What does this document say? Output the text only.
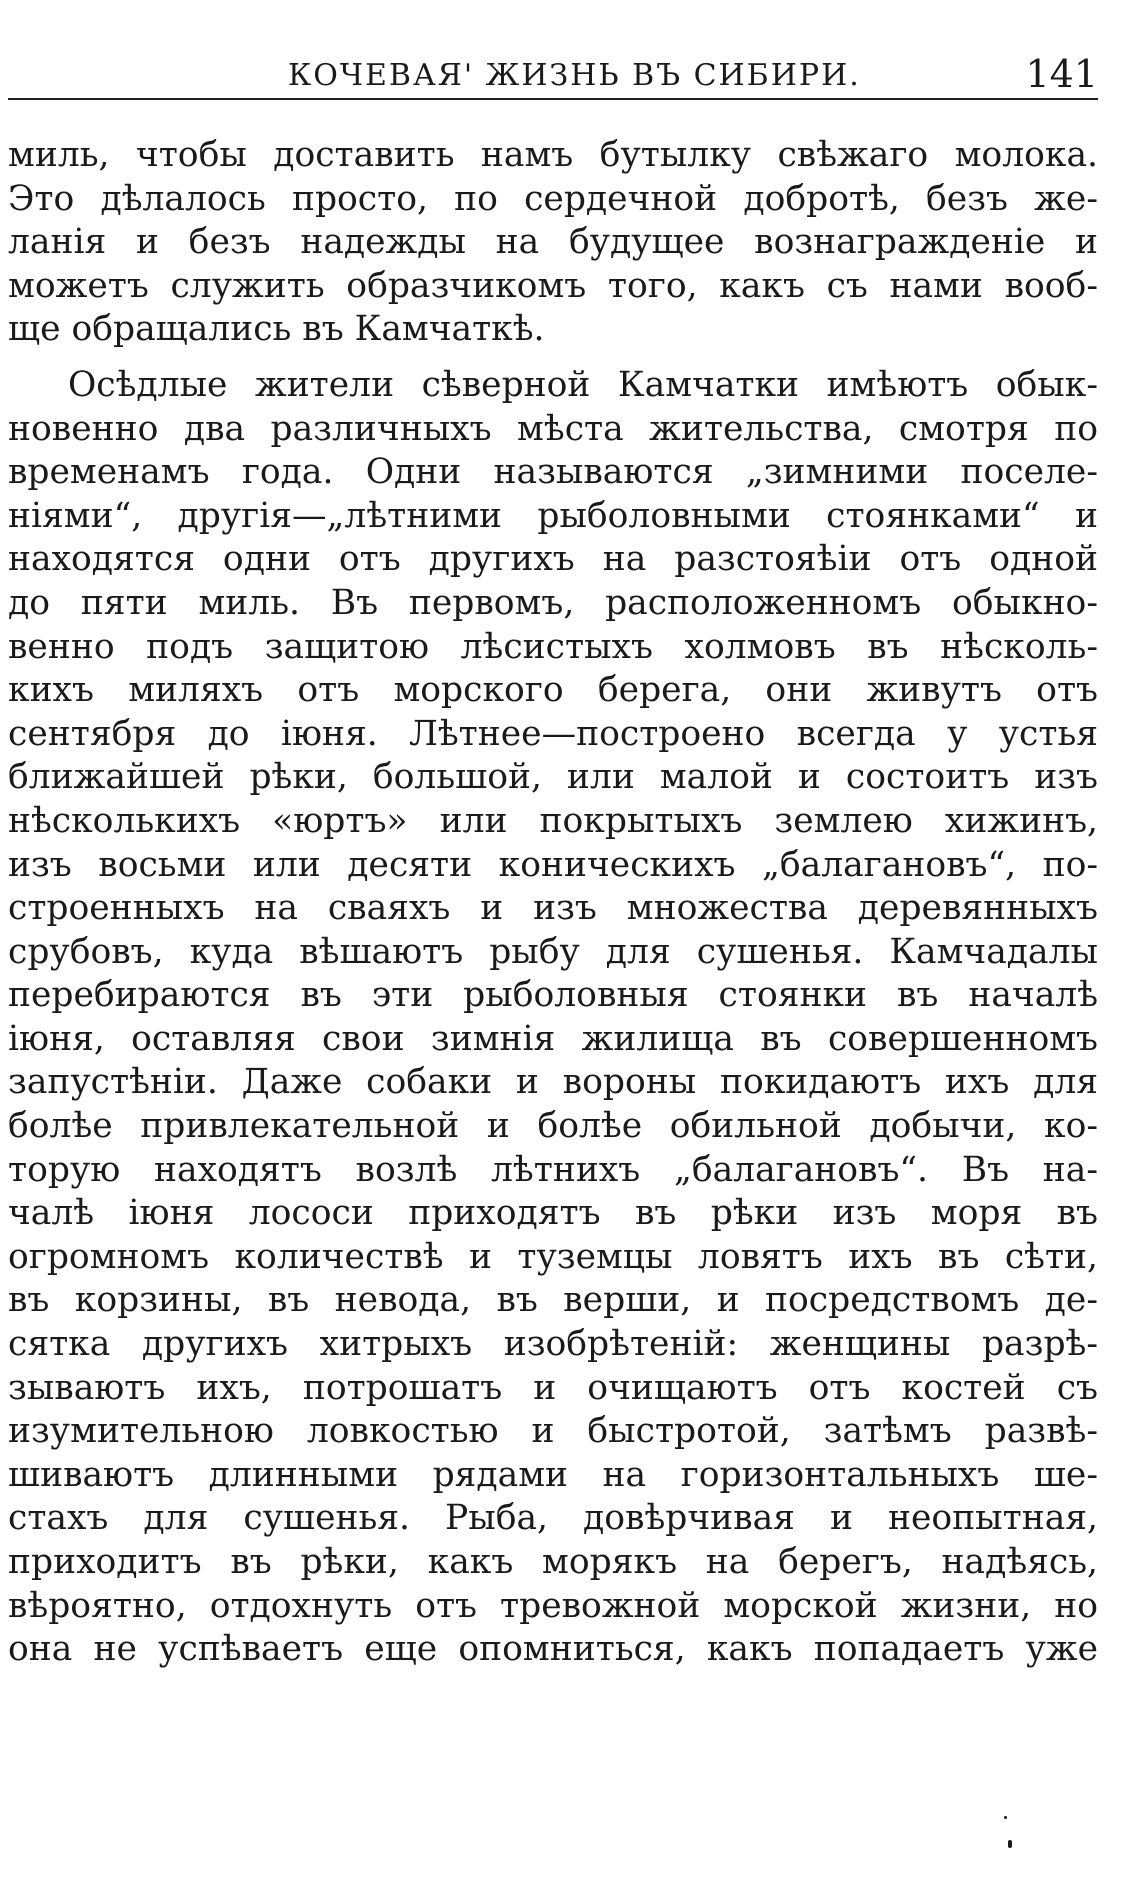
КОЧЕВАЯ' ЖИЗНЬ ВЪ СИБИРИ.	141
миль, чтобы доставить намъ бутылку свѣжаго молока.
Это дѣлалось просто, по сердечной добротѣ, безъ же-
ланія и безъ надежды на будущее вознагражденіе и
можетъ служить образчикомъ того, какъ съ нами вооб-
ще обращались въ Камчаткѣ.
Осѣдлые жители сѣверной Камчатки имѣютъ обык-
новенно два различныхъ мѣста жительства, смотря по
временамъ года. Одни называются „зимними поселе-
ніями“, другія—„лѣтними рыболовными стоянками“ и
находятся одни отъ другихъ на разстояѣіи отъ одной
до пяти миль. Въ первомъ, расположенномъ обыкно-
венно подъ защитою лѣсистыхъ холмовъ въ нѣсколь-
кихъ миляхъ отъ морского берега, они живутъ отъ
сентября до іюня. Лѣтнее—построено всегда у устья
ближайшей рѣки, большой, или малой и состоитъ изъ
нѣсколькихъ «юртъ» или покрытыхъ землею хижинъ,
изъ восьми или десяти коническихъ „балагановъ“, по-
строенныхъ на сваяхъ и изъ множества деревянныхъ
срубовъ, куда вѣшаютъ рыбу для сушенья. Камчадалы
перебираются въ эти рыболовныя стоянки въ началѣ
іюня, оставляя свои зимнія жилища въ совершенномъ
запустѣніи. Даже собаки и вороны покидаютъ ихъ для
болѣе привлекательной и болѣе обильной добычи, ко-
торую находятъ возлѣ лѣтнихъ „балагановъ“. Въ на-
чалѣ іюня лососи приходятъ въ рѣки изъ моря въ
огромномъ количествѣ и туземцы ловятъ ихъ въ сѣти,
въ корзины, въ невода, въ верши, и посредствомъ де-
сятка другихъ хитрыхъ изобрѣтеній: женщины разрѣ-
зываютъ ихъ, потрошатъ и очищаютъ отъ костей съ
изумительною ловкостью и быстротой, затѣмъ развѣ-
шиваютъ длинными рядами на горизонтальныхъ ше-
стахъ для сушенья. Рыба, довѣрчивая и неопытная,
приходитъ въ рѣки, какъ морякъ на берегъ, надѣясь,
вѣроятно, отдохнуть отъ тревожной морской жизни, но
она не успѣваетъ еще опомниться, какъ попадаетъ уже
